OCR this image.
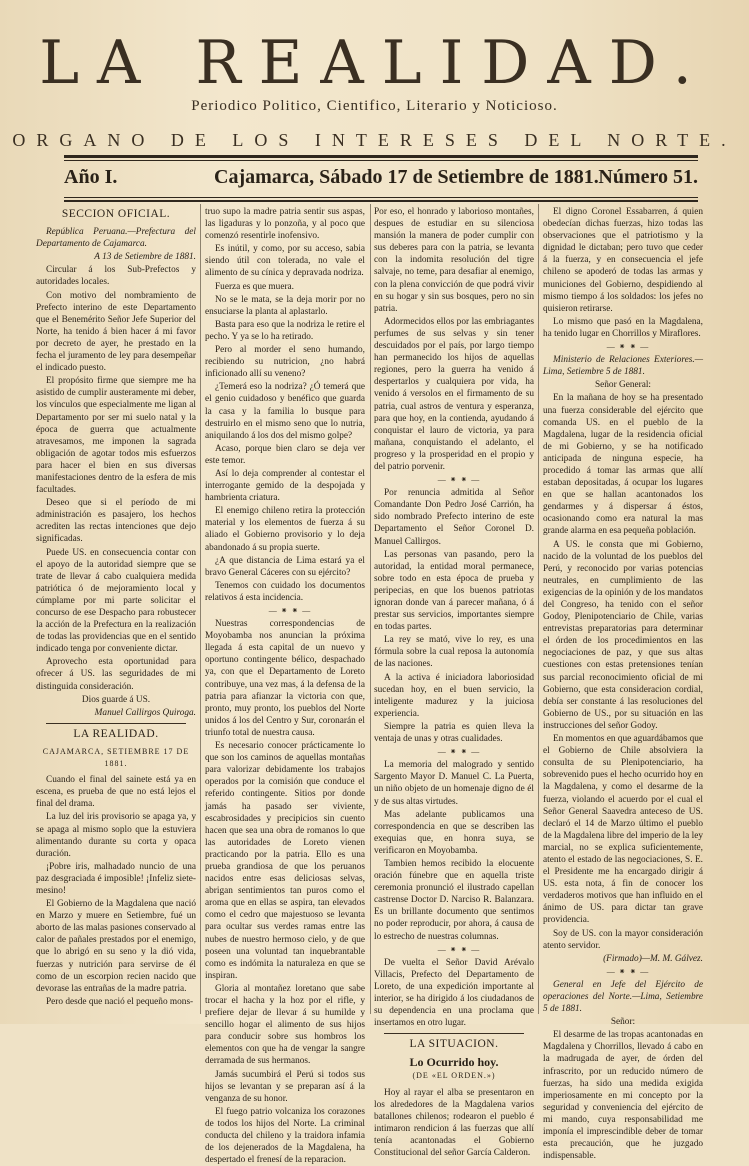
LA REALIDAD.
Periodico Politico, Cientifico, Literario y Noticioso.
ORGANO DE LOS INTERESES DEL NORTE.
Año I.	Cajamarca, Sábado 17 de Setiembre de 1881. Número 51.

SECCION OFICIAL.

República Peruana.—Prefectura del Departamento de Cajamarca.

A 13 de Setiembre de 1881.

Circular á los Sub-Prefectos y autoridades locales.

Con motivo del nombramiento de Prefecto interino de este Departamento que el Benemérito Señor Jefe Superior del Norte, ha tenido á bien hacer á mi favor por decreto de ayer, he prestado en la fecha el juramento de ley para desempeñar el indicado puesto.

El propósito firme que siempre me ha asistido de cumplir austeramente mi deber, los vínculos que especialmente me ligan al Departamento por ser mi suelo natal y la época de guerra que actualmente atravesamos, me imponen la sagrada obligación de agotar todos mis esfuerzos para hacer el bien en sus diversas manifestaciones dentro de la esfera de mis facultades.

Deseo que si el período de mi administración es pasajero, los hechos acrediten las rectas intenciones que dejo significadas.

Puede US. en consecuencia contar con el apoyo de la autoridad siempre que se trate de llevar á cabo cualquiera medida patriótica ó de mejoramiento local y cúmplame por mi parte solicitar el concurso de ese Despacho para robustecer la acción de la Prefectura en la realización de todas las providencias que en el sentido indicado tenga por conveniente dictar.

Aprovecho esta oportunidad para ofrecer á US. las seguridades de mi distinguida consideración.

Dios guarde á US.

Manuel Callirgos Quiroga.

LA REALIDAD.

CAJAMARCA, SETIEMBRE 17 DE 1881.

Cuando el final del sainete está ya en escena, es prueba de que no está lejos el final del drama.

La luz del iris provisorio se apaga ya, y se apaga al mismo soplo que la estuviera alimentando durante su corta y opaca duración.

¡Pobre iris, malhadado nuncio de una paz desgraciada é imposible! ¡Infeliz siete-mesino!

El Gobierno de la Magdalena que nació en Marzo y muere en Setiembre, fué un aborto de las malas pasiones conservado al calor de pañales prestados por el enemigo, que lo abrigó en su seno y la dió vida, fuerzas y nutrición para servirse de él como de un escorpion recien nacido que devorase las entrañas de la madre patria.

Pero desde que nació el pequeño mons-

truo supo la madre patria sentir sus aspas, las ligaduras y lo ponzoña, y al poco que comenzó resentirle inofensivo.

Es inútil, y como, por su acceso, sabia siendo útil con tolerada, no vale el alimento de su cínica y depravada nodriza.

Fuerza es que muera.

No se le mata, se la deja morir por no ensuciarse la planta al aplastarlo.

Basta para eso que la nodriza le retire el pecho. Y ya se lo ha retirado.

Pero al morder el seno humando, recibiendo su nutricion, ¿no habrá inficionado allí su veneno?

¿Temerá eso la nodriza? ¿Ó temerá que el genio cuidadoso y benéfico que guarda la casa y la familia lo busque para destruirlo en el mismo seno que lo nutria, aniquilando á los dos del mismo golpe?

Acaso, porque bien claro se deja ver este temor.

Así lo deja comprender al contestar el interrogante gemido de la despojada y hambrienta criatura.

El enemigo chileno retira la protección material y los elementos de fuerza á su aliado el Gobierno provisorio y lo deja abandonado á su propia suerte.

¿A que distancia de Lima estará ya el bravo General Cáceres con su ejército?

Tenemos con cuidado los documentos relativos á esta incidencia.

— ⁕ ⁕ —

Nuestras correspondencias de Moyobamba nos anuncian la próxima llegada á esta capital de un nuevo y oportuno contingente bélico, despachado ya, con que el Departamento de Loreto contribuye, una vez mas, á la defensa de la patria para afianzar la victoria con que, pronto, muy pronto, los pueblos del Norte unidos á los del Centro y Sur, coronarán el triunfo total de nuestra causa.

Es necesario conocer prácticamente lo que son los caminos de aquellas montañas para valorizar debidamente los trabajos operados por la comisión que conduce el referido contingente. Sitios por donde jamás ha pasado ser viviente, escabrosidades y precipicios sin cuento hacen que sea una obra de romanos lo que las autoridades de Loreto vienen practicando por la patria. Ello es una prueba grandiosa de que los peruanos nacidos entre esas deliciosas selvas, abrigan sentimientos tan puros como el aroma que en ellas se aspira, tan elevados como el cedro que majestuoso se levanta para ocultar sus verdes ramas entre las nubes de nuestro hermoso cielo, y de que poseen una voluntad tan inquebrantable como es indómita la naturaleza en que se inspiran.

Gloria al montañez loretano que sabe trocar el hacha y la hoz por el rifle, y prefiere dejar de llevar á su humilde y sencillo hogar el alimento de sus hijos para conducir sobre sus hombros los elementos con que ha de vengar la sangre derramada de sus hermanos.

Jamás sucumbirá el Perú si todos sus hijos se levantan y se preparan así á la venganza de su honor.

El fuego patrio volcaniza los corazones de todos los hijos del Norte. La criminal conducta del chileno y la traidora infamia de los dejenerados de la Magdalena, ha despertado el frenesí de la reparacion.

Por eso, el honrado y laborioso montañes, despues de estudiar en su silenciosa mansión la manera de poder cumplir con sus deberes para con la patria, se levanta con la indomita resolución del tigre salvaje, no teme, para desafiar al enemigo, con la plena convicción de que podrá vivir en su hogar y sin sus bosques, pero no sin patria.

Adormecidos ellos por las embriagantes perfumes de sus selvas y sin tener descuidados por el país, por largo tiempo han permanecido los hijos de aquellas regiones, pero la guerra ha venido á despertarlos y cualquiera por vida, ha venido á versolos en el firmamento de su patria, cual astros de ventura y esperanza, para que hoy, en la contienda, ayudando á conquistar el lauro de victoria, ya para mañana, conquistando el adelanto, el progreso y la prosperidad en el propio y del patrio porvenir.

— ⁕ ⁕ —

Por renuncia admitida al Señor Comandante Don Pedro José Carrión, ha sido nombrado Prefecto interino de este Departamento el Señor Coronel D. Manuel Callirgos.

Las personas van pasando, pero la autoridad, la entidad moral permanece, sobre todo en esta época de prueba y peripecias, en que los buenos patriotas ignoran donde van á parecer mañana, ó á prestar sus servicios, importantes siempre en todas partes.

La rey se mató, vive lo rey, es una fórmula sobre la cual reposa la autonomía de las naciones.

A la activa é iniciadora laboriosidad sucedan hoy, en el buen servicio, la inteligente madurez y la juiciosa experiencia.

Siempre la patria es quien lleva la ventaja de unas y otras cualidades.

— ⁕ ⁕ —

La memoria del malogrado y sentido Sargento Mayor D. Manuel C. La Puerta, un niño objeto de un homenaje digno de él y de sus altas virtudes.

Mas adelante publicamos una correspondencia en que se describen las exequias que, en honra suya, se verificaron en Moyobamba.

Tambien hemos recibido la elocuente oración fúnebre que en aquella triste ceremonia pronunció el ilustrado capellan castrense Doctor D. Narciso R. Balanzara. Es un brillante documento que sentimos no poder reproducir, por ahora, á causa de lo estrecho de nuestras columnas.

— ⁕ ⁕ —

De vuelta el Señor David Arévalo Villacis, Prefecto del Departamento de Loreto, de una expedición importante al interior, se ha dirigido á los ciudadanos de su dependencia en una proclama que insertamos en otro lugar.

LA SITUACION.

Lo Ocurrido hoy.

(DE «EL ORDEN.»)

Hoy al rayar el alba se presentaron en los alrededores de la Magdalena varios batallones chilenos; rodearon el pueblo é intimaron rendicion á las fuerzas que allí tenía acantonadas el Gobierno Constitucional del señor García Calderon.

El digno Coronel Essabarren, á quien obedecían dichas fuerzas, hizo todas las observaciones que el patriotismo y la dignidad le dictaban; pero tuvo que ceder á la fuerza, y en consecuencia el jefe chileno se apoderó de todas las armas y municiones del Gobierno, despidiendo al mismo tiempo á los soldados: los jefes no quisieron retirarse.

Lo mismo que pasó en la Magdalena, ha tenido lugar en Chorrillos y Miraflores.

— ⁕ ⁕ —

Ministerio de Relaciones Exteriores.—Lima, Setiembre 5 de 1881.

Señor General:

En la mañana de hoy se ha presentado una fuerza considerable del ejército que comanda US. en el pueblo de la Magdalena, lugar de la residencia oficial de mi Gobierno, y se ha notificado anticipada de ninguna especie, ha procedido á tomar las armas que allí estaban depositadas, á ocupar los lugares en que se hallan acantonados los gendarmes y á dispersar á éstos, ocasionando como era natural la mas grande alarma en esa pequeña población.

A US. le consta que mi Gobierno, nacido de la voluntad de los pueblos del Perú, y reconocido por varias potencias neutrales, en cumplimiento de las exigencias de la opinión y de los mandatos del Congreso, ha tenido con el señor Godoy, Plenipotenciario de Chile, varias entrevistas preparatorias para determinar el órden de los procedimientos en las negociaciones de paz, y que sus altas cuestiones con estas pretensiones tenían sus parcial reconocimiento oficial de mi Gobierno, que esta consideracion cordial, debía ser constante á las resoluciones del Gobierno de US., por su situación en las instrucciones del señor Godoy.

En momentos en que aguardábamos que el Gobierno de Chile absolviera la consulta de su Plenipotenciario, ha sobrevenido pues el hecho ocurrido hoy en la Magdalena, y como el desarme de la fuerza, violando el acuerdo por el cual el Señor General Saavedra anteceso de US. declaró el 14 de Marzo último el pueblo de la Magdalena libre del imperio de la ley marcial, no se explica suficientemente, atento el estado de las negociaciones, S. E. el Presidente me ha encargado dirigir á US. esta nota, á fin de conocer los verdaderos motivos que han influido en el ánimo de US. para dictar tan grave providencia.

Soy de US. con la mayor consideración atento servidor.

(Firmado)—M. M. Gálvez.

— ⁕ ⁕ —

General en Jefe del Ejército de operaciones del Norte.—Lima, Setiembre 5 de 1881.

Señor:

El desarme de las tropas acantonadas en Magdalena y Chorrillos, llevado á cabo en la madrugada de ayer, de órden del infrascrito, por un reducido número de fuerzas, ha sido una medida exigida imperiosamente en mi concepto por la seguridad y conveniencia del ejército de mi mando, cuya responsabilidad me imponía el imprescindible deber de tomar esta precaución, que he juzgado indispensable.
